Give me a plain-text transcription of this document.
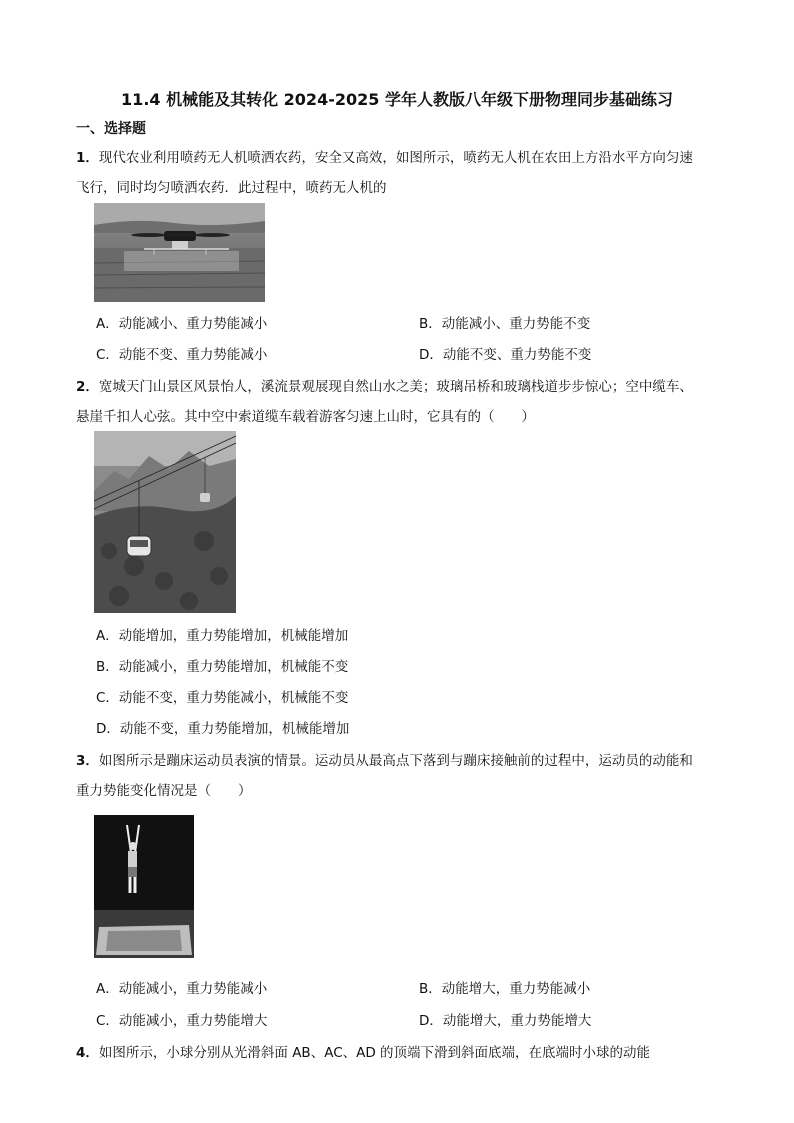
11.4 机械能及其转化 2024-2025 学年人教版八年级下册物理同步基础练习
一、选择题
1．现代农业利用喷药无人机喷洒农药，安全又高效，如图所示，喷药无人机在农田上方沿水平方向匀速
飞行，同时均匀喷洒农药．此过程中，喷药无人机的
A．动能减小、重力势能减小	B．动能减小、重力势能不变
C．动能不变、重力势能减小	D．动能不变、重力势能不变
2．宽城天门山景区风景怡人，溪流景观展现自然山水之美；玻璃吊桥和玻璃栈道步步惊心；空中缆车、
悬崖千扣人心弦。其中空中索道缆车载着游客匀速上山时，它具有的（　　）
A．动能增加，重力势能增加，机械能增加
B．动能减小，重力势能增加，机械能不变
C．动能不变，重力势能减小，机械能不变
D．动能不变，重力势能增加，机械能增加
3．如图所示是蹦床运动员表演的情景。运动员从最高点下落到与蹦床接触前的过程中，运动员的动能和
重力势能变化情况是（　　）
A．动能减小，重力势能减小	B．动能增大，重力势能减小
C．动能减小，重力势能增大	D．动能增大，重力势能增大
4．如图所示，小球分别从光滑斜面 AB、AC、AD 的顶端下滑到斜面底端，在底端时小球的动能
